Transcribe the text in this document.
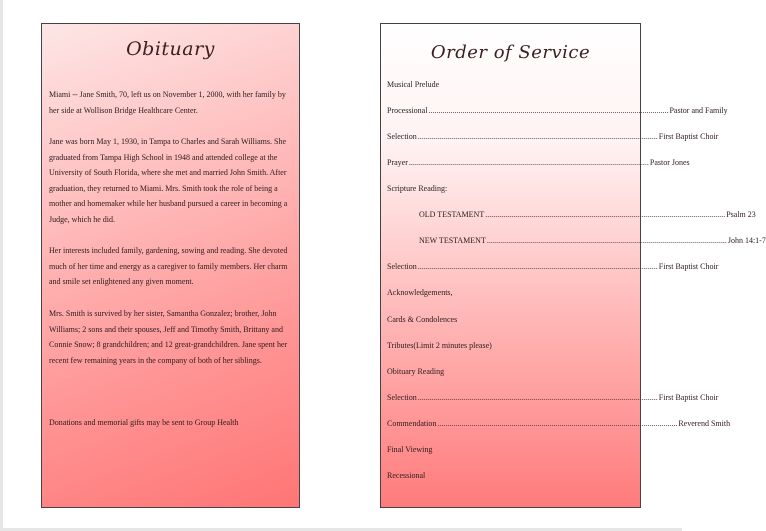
Obituary
Miami -- Jane Smith, 70, left us on November 1, 2000, with her family by her side at Wollison Bridge Healthcare Center.
Jane was born May 1, 1930, in Tampa to Charles and Sarah Williams. She graduated from Tampa High School in 1948 and attended college at the University of South Florida, where she met and married John Smith. After graduation, they returned to Miami. Mrs. Smith took the role of being a mother and homemaker while her husband pursued a career in becoming a Judge, which he did.
Her interests included family, gardening, sowing and reading. She devoted much of her time and energy as a caregiver to family members. Her charm and smile set enlightened any given moment.
Mrs. Smith is survived by her sister, Samantha Gonzalez; brother, John Williams; 2 sons and their spouses, Jeff and Timothy Smith, Brittany and Connie Snow; 8 grandchildren; and 12 great-grandchildren. Jane spent her recent few remaining years in the company of both of her siblings.
Donations and memorial gifts may be sent to Group Health
Order of Service
Musical Prelude
Processional ........................................................................................................................ Pastor and Family
Selection ........................................................................................................................ First Baptist Choir
Prayer ........................................................................................................................ Pastor Jones
Scripture Reading:
OLD TESTAMENT ........................................................................................................................ Psalm 23
NEW TESTAMENT ........................................................................................................................ John 14:1-7
Selection ........................................................................................................................ First Baptist Choir
Acknowledgements,
Cards & Condolences
Tributes(Limit 2 minutes please)
Obituary Reading
Selection ........................................................................................................................ First Baptist Choir
Commendation ........................................................................................................................ Reverend Smith
Final Viewing
Recessional
